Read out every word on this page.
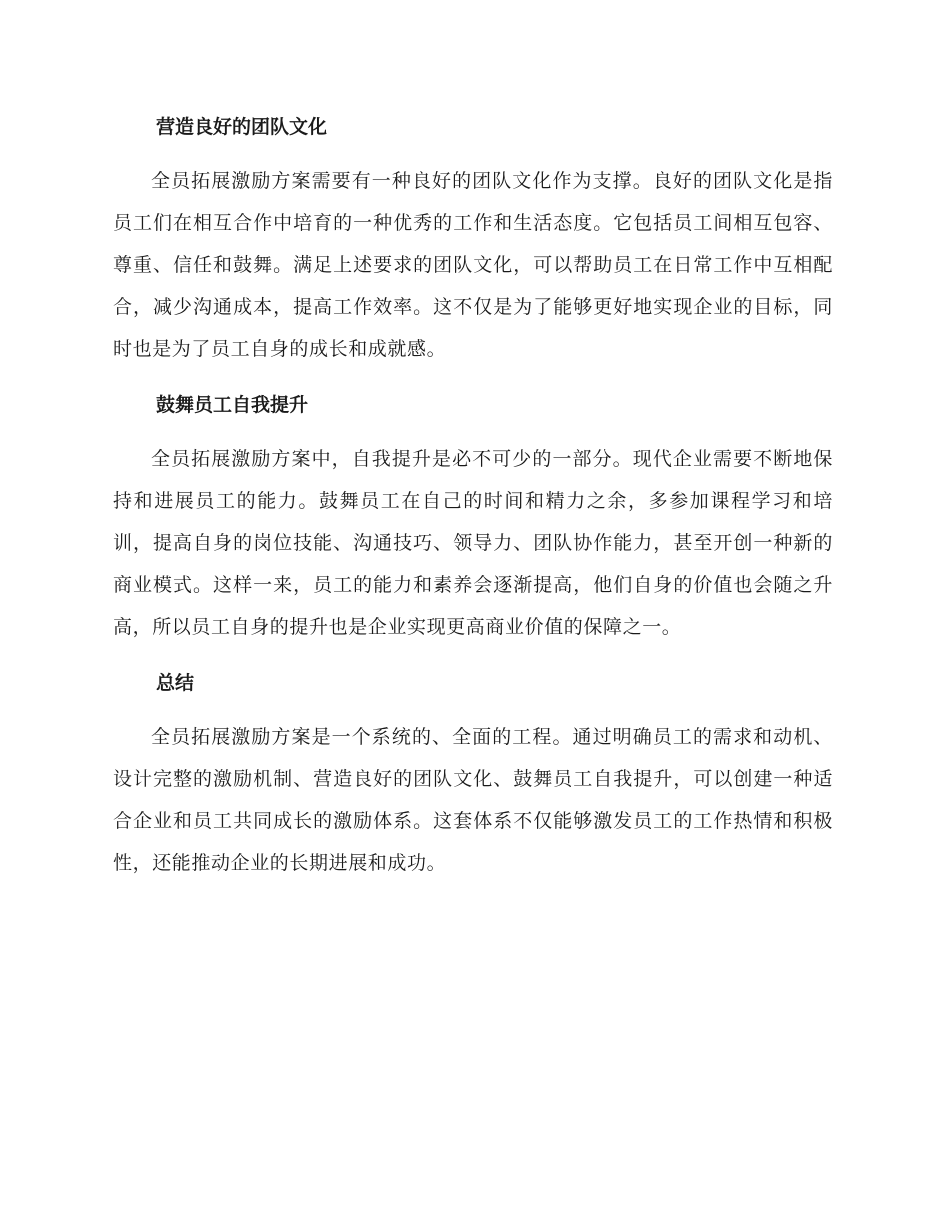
营造良好的团队文化

全员拓展激励方案需要有一种良好的团队文化作为支撑。良好的团队文化是指员工们在相互合作中培育的一种优秀的工作和生活态度。它包括员工间相互包容、尊重、信任和鼓舞。满足上述要求的团队文化，可以帮助员工在日常工作中互相配合，减少沟通成本，提高工作效率。这不仅是为了能够更好地实现企业的目标，同时也是为了员工自身的成长和成就感。

鼓舞员工自我提升

全员拓展激励方案中，自我提升是必不可少的一部分。现代企业需要不断地保持和进展员工的能力。鼓舞员工在自己的时间和精力之余，多参加课程学习和培训，提高自身的岗位技能、沟通技巧、领导力、团队协作能力，甚至开创一种新的商业模式。这样一来，员工的能力和素养会逐渐提高，他们自身的价值也会随之升高，所以员工自身的提升也是企业实现更高商业价值的保障之一。

总结

全员拓展激励方案是一个系统的、全面的工程。通过明确员工的需求和动机、设计完整的激励机制、营造良好的团队文化、鼓舞员工自我提升，可以创建一种适合企业和员工共同成长的激励体系。这套体系不仅能够激发员工的工作热情和积极性，还能推动企业的长期进展和成功。
